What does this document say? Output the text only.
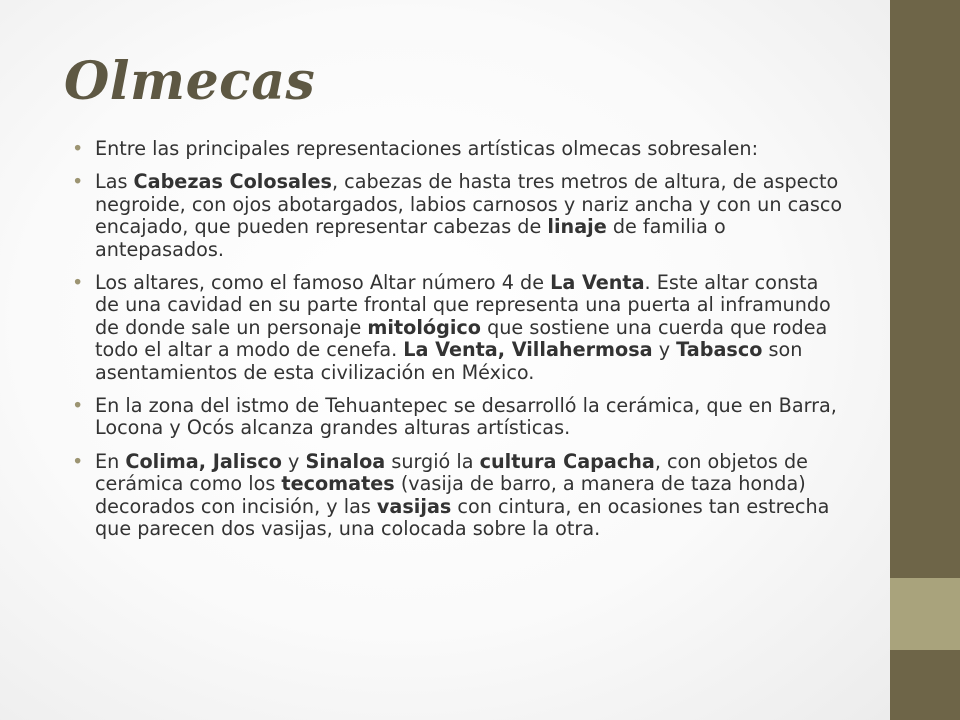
Olmecas
• Entre las principales representaciones artísticas olmecas sobresalen:
• Las Cabezas Colosales, cabezas de hasta tres metros de altura, de aspecto negroide, con ojos abotargados, labios carnosos y nariz ancha y con un casco encajado, que pueden representar cabezas de linaje de familia o antepasados.
• Los altares, como el famoso Altar número 4 de La Venta. Este altar consta de una cavidad en su parte frontal que representa una puerta al inframundo de donde sale un personaje mitológico que sostiene una cuerda que rodea todo el altar a modo de cenefa. La Venta, Villahermosa y Tabasco son asentamientos de esta civilización en México.
• En la zona del istmo de Tehuantepec se desarrolló la cerámica, que en Barra, Locona y Ocós alcanza grandes alturas artísticas.
• En Colima, Jalisco y Sinaloa surgió la cultura Capacha, con objetos de cerámica como los tecomates (vasija de barro, a manera de taza honda) decorados con incisión, y las vasijas con cintura, en ocasiones tan estrecha que parecen dos vasijas, una colocada sobre la otra.
